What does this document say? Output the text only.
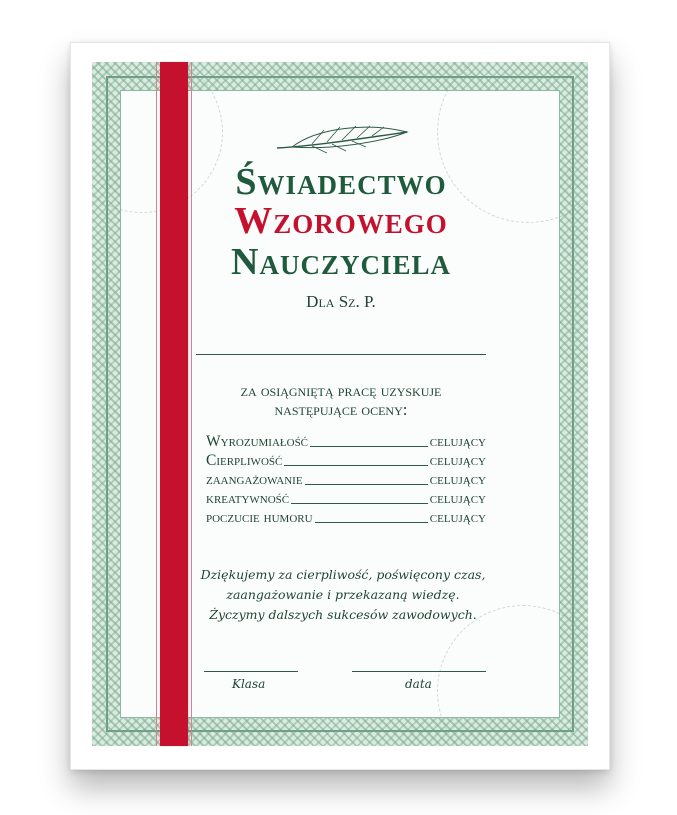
Świadectwo
Wzorowego
Nauczyciela
Dla Sz. P.
za osiągniętą pracę uzyskuje
następujące oceny:
Wyrozumiałość	celujący
Cierpliwość	celujący
zaangażowanie	celujący
kreatywność	celujący
poczucie humoru	celujący
Dziękujemy za cierpliwość, poświęcony czas,
zaangażowanie i przekazaną wiedzę.
Życzymy dalszych sukcesów zawodowych.
Klasa	data
